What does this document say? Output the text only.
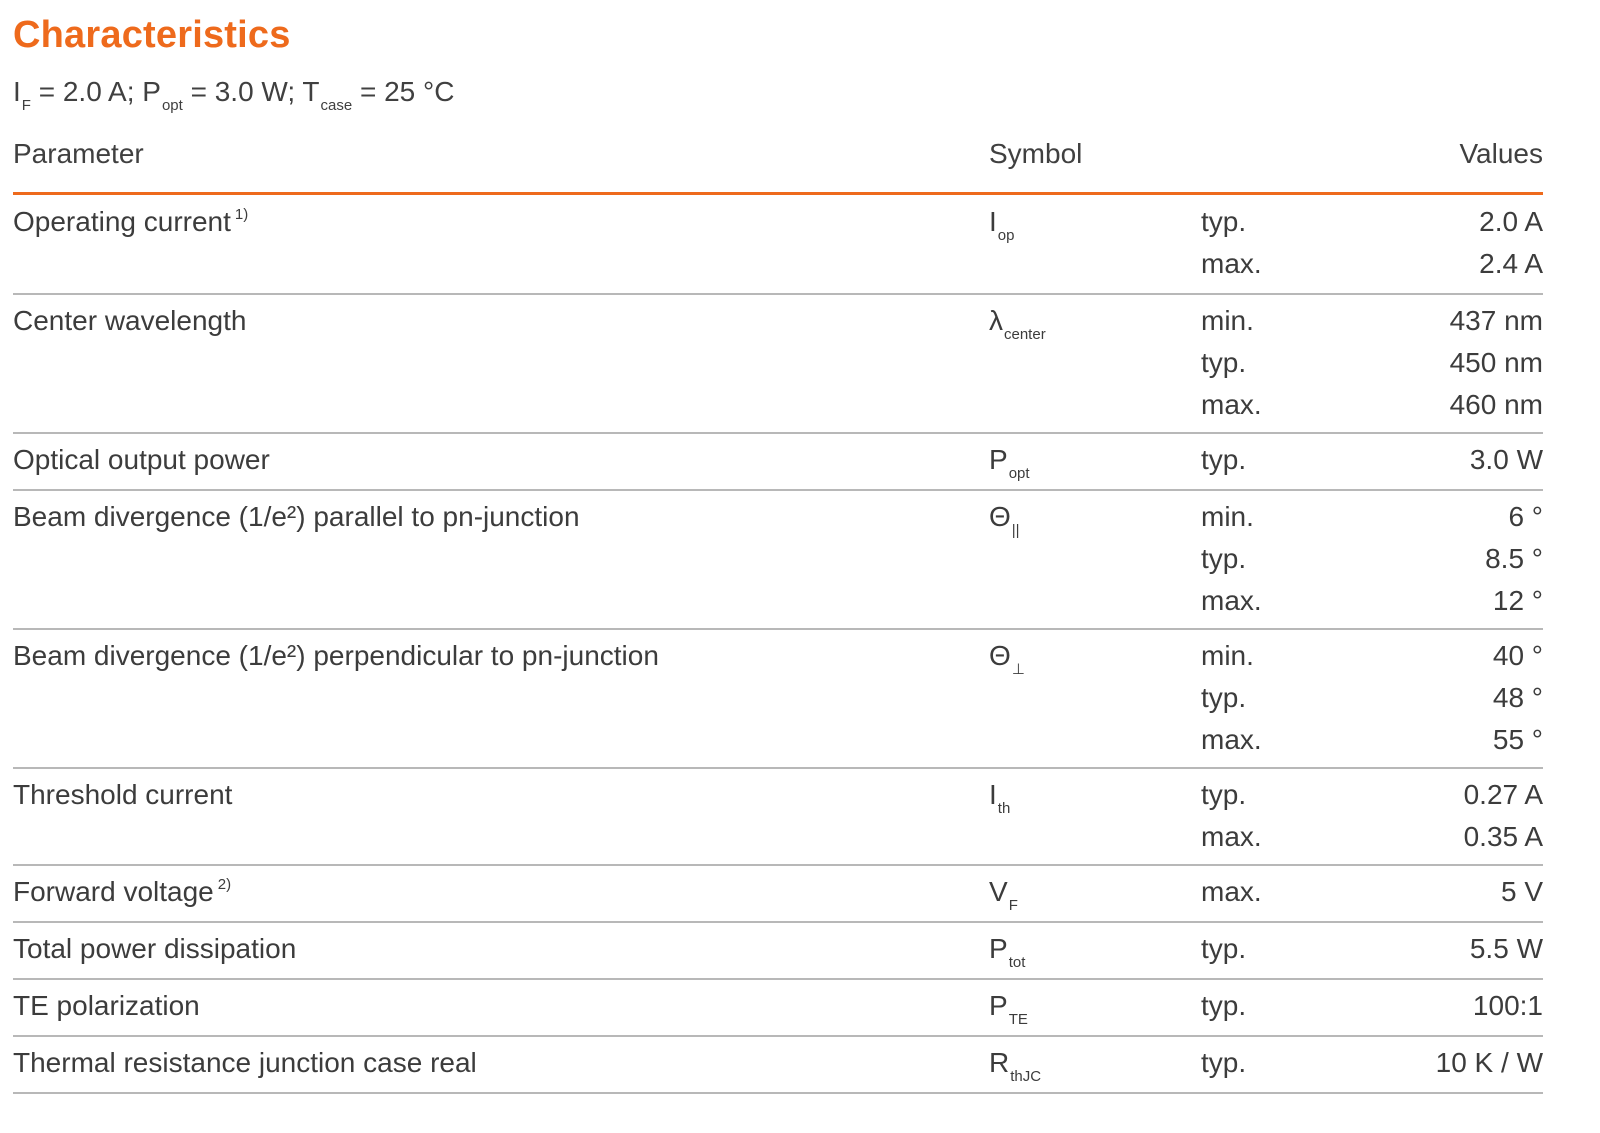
Characteristics
$I_F = 2.0$ A; $P_{opt} = 3.0$ W; $T_{case} = 25$ °C
Parameter	Symbol	Values
Operating current $^{1)}$	$I_{op}$	typ.	2.0 A
max.	2.4 A
Center wavelength	$\lambda_{center}$	min.	437 nm
typ.	450 nm
max.	460 nm
Optical output power	$P_{opt}$	typ.	3.0 W
Beam divergence (1/e²) parallel to pn-junction	$\Theta_{||}$	min.	6 °
typ.	8.5 °
max.	12 °
Beam divergence (1/e²) perpendicular to pn-junction	$\Theta_\perp$	min.	40 °
typ.	48 °
max.	55 °
Threshold current	$I_{th}$	typ.	0.27 A
max.	0.35 A
Forward voltage $^{2)}$	$V_F$	max.	5 V
Total power dissipation	$P_{tot}$	typ.	5.5 W
TE polarization	$P_{TE}$	typ.	100:1
Thermal resistance junction case real	$R_{thJC}$	typ.	10 K / W
